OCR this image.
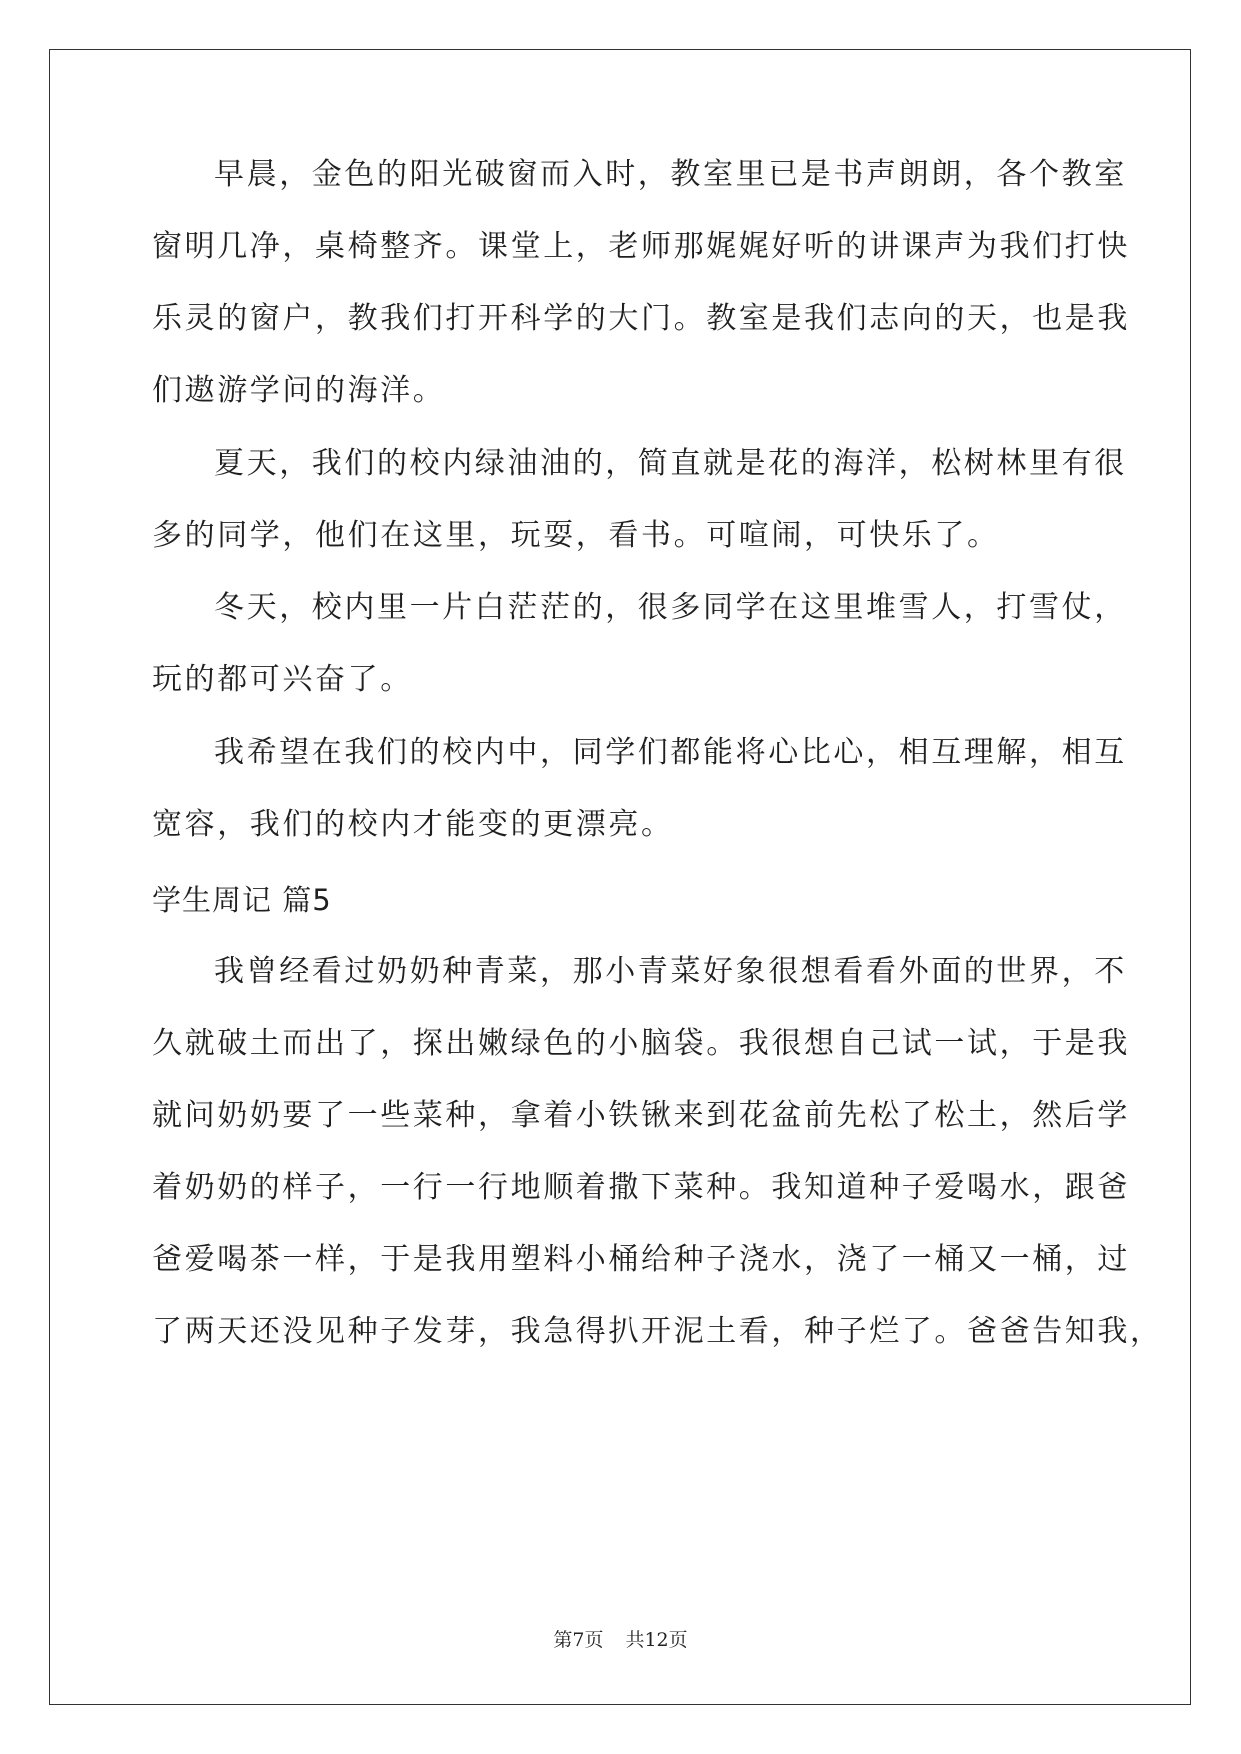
早晨，金色的阳光破窗而入时，教室里已是书声朗朗，各个教室
窗明几净，桌椅整齐。课堂上，老师那娓娓好听的讲课声为我们打快
乐灵的窗户，教我们打开科学的大门。教室是我们志向的天，也是我
们遨游学问的海洋。
夏天，我们的校内绿油油的，简直就是花的海洋，松树林里有很
多的同学，他们在这里，玩耍，看书。可喧闹，可快乐了。
冬天，校内里一片白茫茫的，很多同学在这里堆雪人，打雪仗，
玩的都可兴奋了。
我希望在我们的校内中，同学们都能将心比心，相互理解，相互
宽容，我们的校内才能变的更漂亮。
学生周记 篇5
我曾经看过奶奶种青菜，那小青菜好象很想看看外面的世界，不
久就破土而出了，探出嫩绿色的小脑袋。我很想自己试一试，于是我
就问奶奶要了一些菜种，拿着小铁锹来到花盆前先松了松土，然后学
着奶奶的样子，一行一行地顺着撒下菜种。我知道种子爱喝水，跟爸
爸爱喝茶一样，于是我用塑料小桶给种子浇水，浇了一桶又一桶，过
了两天还没见种子发芽，我急得扒开泥土看，种子烂了。爸爸告知我，
第7页 共12页
